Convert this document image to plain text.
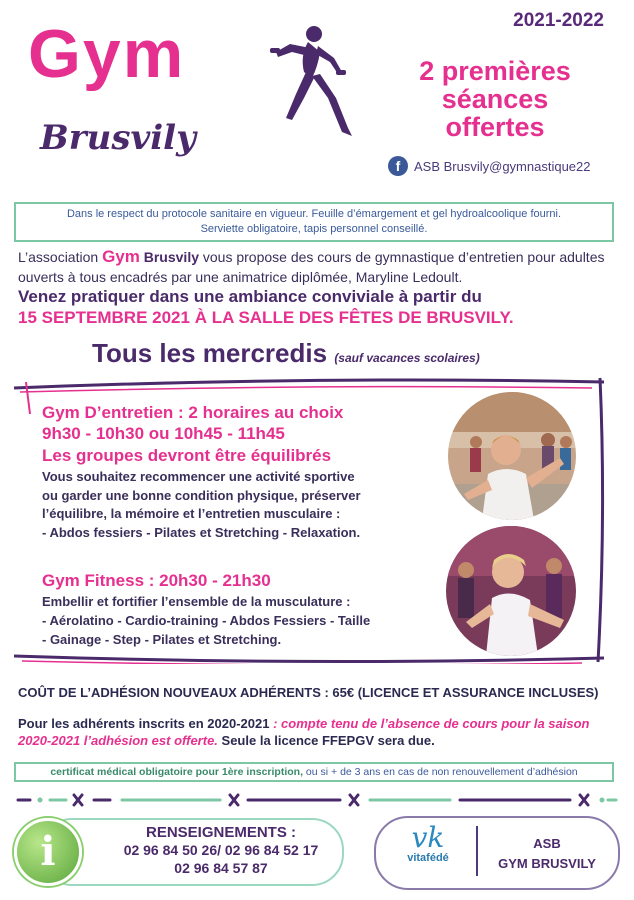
Gym
Brusvily
2021-2022
2 premières séances offertes
f	ASB Brusvily@gymnastique22
Dans le respect du protocole sanitaire en vigueur. Feuille d’émargement et gel hydroalcoolique fourni.
Serviette obligatoire, tapis personnel conseillé.
L’association Gym Brusvily vous propose des cours de gymnastique d’entretien pour adultes ouverts à tous encadrés par une animatrice diplômée, Maryline Ledoult.
Venez pratiquer dans une ambiance conviviale à partir du
15 SEPTEMBRE 2021 À LA SALLE DES FÊTES DE BRUSVILY.
Tous les mercredis (sauf vacances scolaires)
Gym D’entretien : 2 horaires au choix
9h30 - 10h30 ou 10h45 - 11h45
Les groupes devront être équilibrés
Vous souhaitez recommencer une activité sportive
ou garder une bonne condition physique, préserver
l’équilibre, la mémoire et l’entretien musculaire :
- Abdos fessiers - Pilates et Stretching - Relaxation.
Gym Fitness : 20h30 - 21h30
Embellir et fortifier l’ensemble de la musculature :
- Aérolatino - Cardio-training - Abdos Fessiers - Taille
- Gainage - Step - Pilates et Stretching.
COÛT DE L’ADHÉSION NOUVEAUX ADHÉRENTS : 65€ (LICENCE ET ASSURANCE INCLUSES)
Pour les adhérents inscrits en 2020-2021 : compte tenu de l’absence de cours pour la saison 2020-2021 l’adhésion est offerte. Seule la licence FFEPGV sera due.
certificat médical obligatoire pour 1ère inscription, ou si + de 3 ans en cas de non renouvellement d’adhésion
i	RENSEIGNEMENTS :
02 96 84 50 26/ 02 96 84 52 17
02 96 84 57 87
vk
vitafédé
ASB
GYM BRUSVILY
